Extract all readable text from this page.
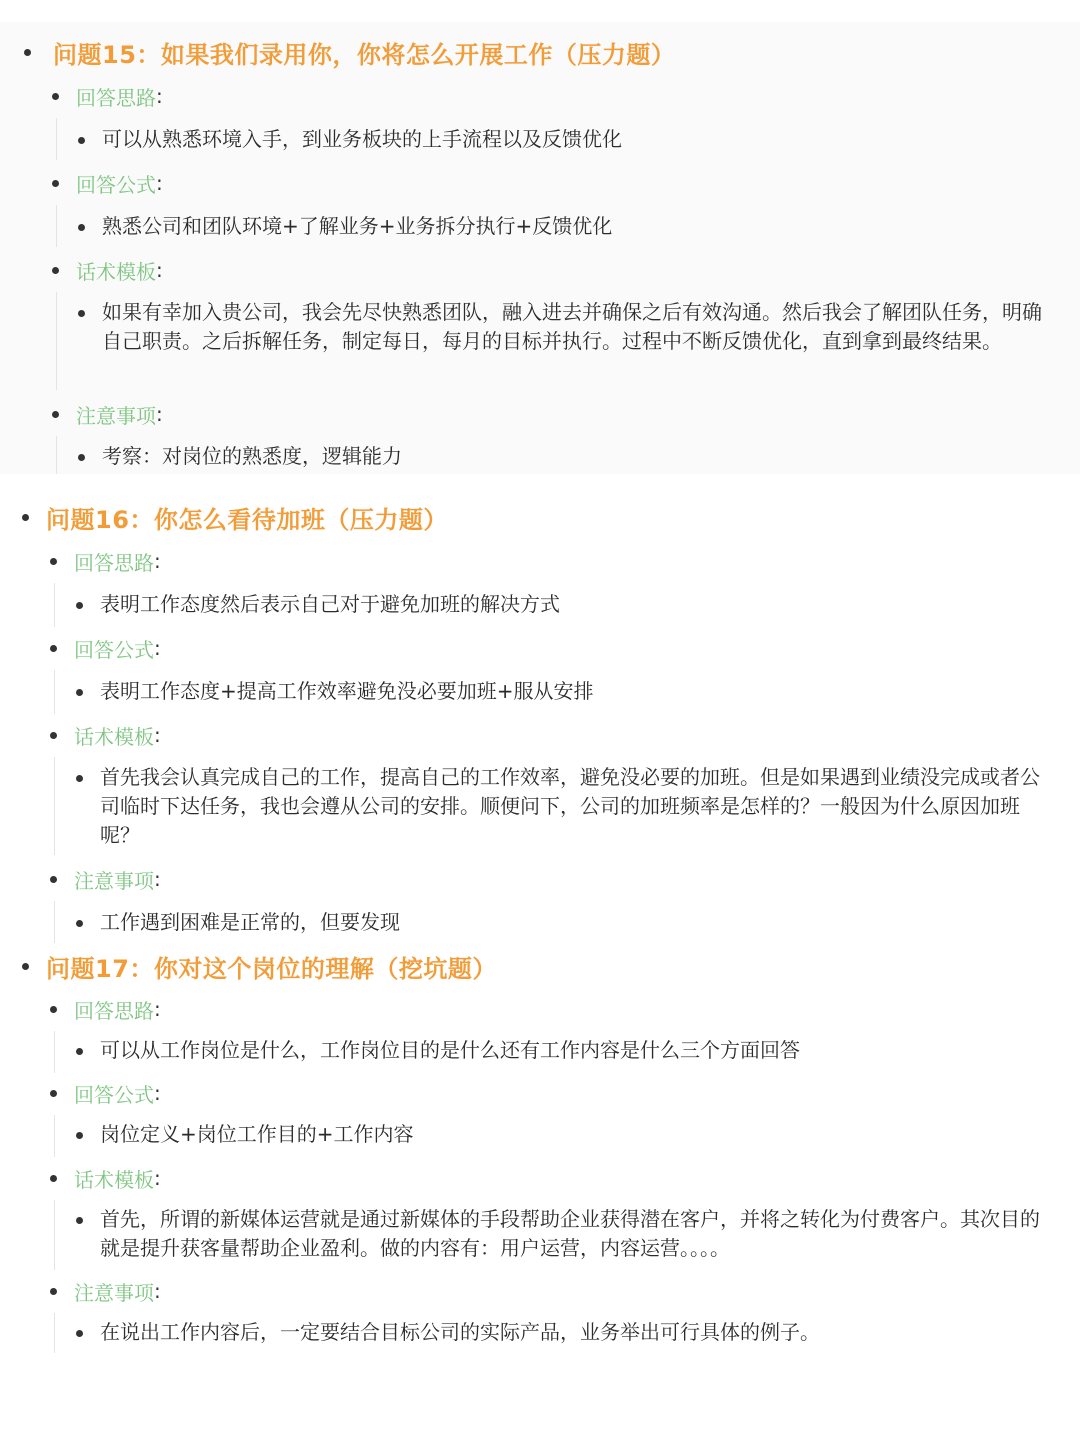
问题15：如果我们录用你，你将怎么开展工作（压力题）
回答思路 :
可以从熟悉环境入手，到业务板块的上手流程以及反馈优化
回答公式 :
熟悉公司和团队环境+了解业务+业务拆分执行+反馈优化
话术模板 :
如果有幸加入贵公司，我会先尽快熟悉团队，融入进去并确保之后有效沟通。然后我会了解团队任务，明确自己职责。之后拆解任务，制定每日，每月的目标并执行。过程中不断反馈优化，直到拿到最终结果。
注意事项 :
考察：对岗位的熟悉度，逻辑能力
问题16：你怎么看待加班（压力题）
回答思路 :
表明工作态度然后表示自己对于避免加班的解决方式
回答公式 :
表明工作态度+提高工作效率避免没必要加班+服从安排
话术模板 :
首先我会认真完成自己的工作，提高自己的工作效率，避免没必要的加班。但是如果遇到业绩没完成或者公司临时下达任务，我也会遵从公司的安排。顺便问下，公司的加班频率是怎样的？一般因为什么原因加班呢？
注意事项 :
工作遇到困难是正常的，但要发现
问题17：你对这个岗位的理解（挖坑题）
回答思路 :
可以从工作岗位是什么，工作岗位目的是什么还有工作内容是什么三个方面回答
回答公式 :
岗位定义+岗位工作目的+工作内容
话术模板 :
首先，所谓的新媒体运营就是通过新媒体的手段帮助企业获得潜在客户，并将之转化为付费客户。其次目的就是提升获客量帮助企业盈利。做的内容有：用户运营，内容运营。。。。
注意事项 :
在说出工作内容后，一定要结合目标公司的实际产品，业务举出可行具体的例子。
